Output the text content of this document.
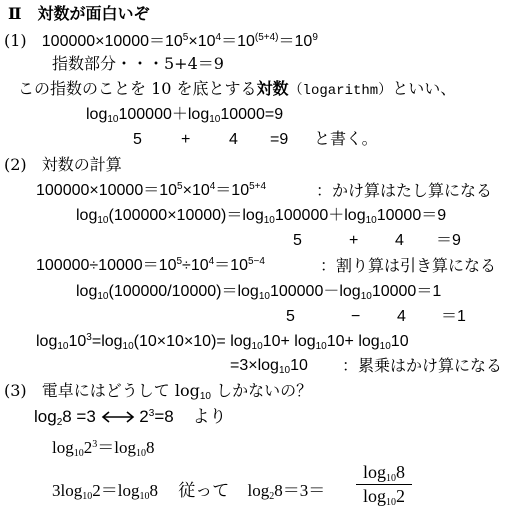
Ⅱ　対数が面白いぞ
(1) $100000\times 10000=10^5\times 10^4=10^{(5+4)}=10^9$
指数部分・・・5+4＝9
この指数のことを 10 を底とする対数（logarithm）といい、
$\log_{10}100000+\log_{10}10000=9$
5 + 4 =9 と書く。
(2) 対数の計算
$100000\times 10000=10^5\times 10^4=10^{5+4}$	：かけ算はたし算になる
$\log_{10}(100000\times 10000)=\log_{10}100000+\log_{10}10000=9$
5	+ 4 ＝9
$100000\div 10000=10^5\div 10^4=10^{5-4}$	：割り算は引き算になる
$\log_{10}(100000/10000)=\log_{10}100000-\log_{10}10000=1$
5	− 4 ＝1
$\log_{10}10^3=\log_{10}(10\times 10\times 10)= \log_{10}10+ \log_{10}10+ \log_{10}10$
$=3\times\log_{10}10$ ：累乗はかけ算になる
(3) 電卓にはどうして $\log_{10}$ しかないの？
$\log_28 =3$	$2^3=8$ より
$\log_{10}2^3=\log_{10}8$
$3\log_{10}2=\log_{10}8$ 従って $\log_28=3=$
$\log_{10}8$
$\log_{10}2$
